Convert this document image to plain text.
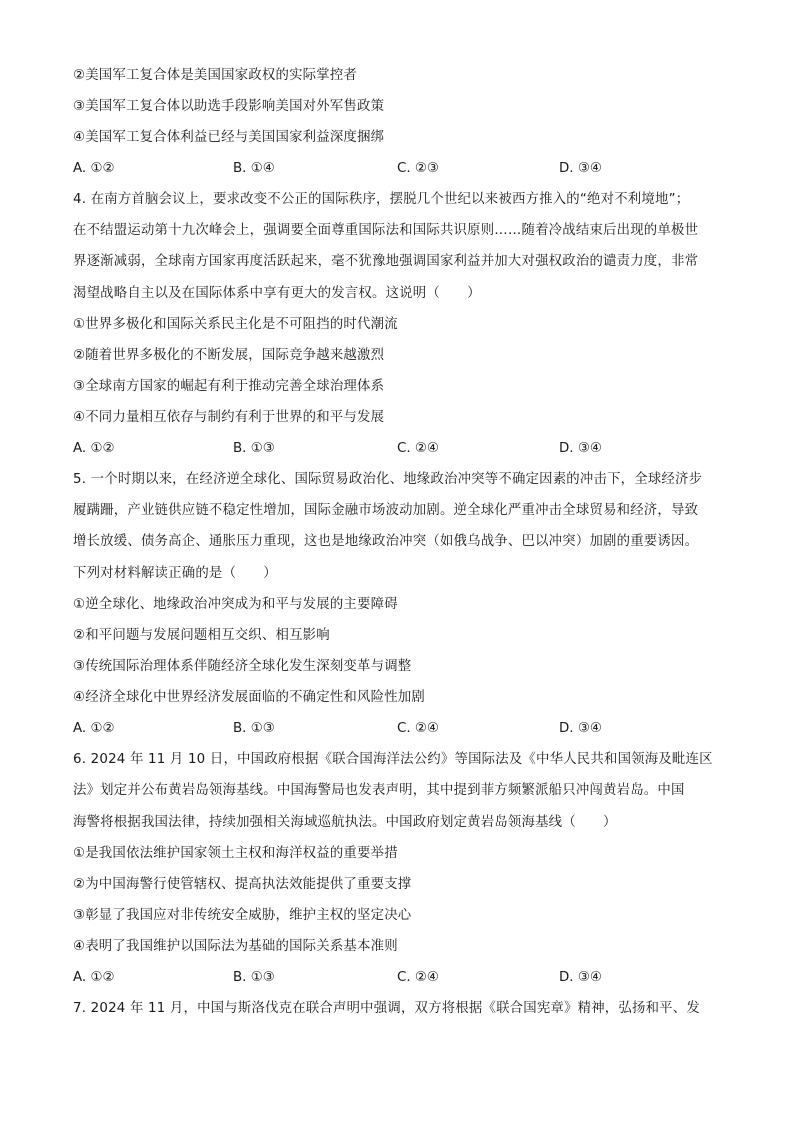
②美国军工复合体是美国国家政权的实际掌控者
③美国军工复合体以助选手段影响美国对外军售政策
④美国军工复合体利益已经与美国国家利益深度捆绑
A. ①②	B. ①④	C. ②③	D. ③④
4. 在南方首脑会议上，要求改变不公正的国际秩序，摆脱几个世纪以来被西方推入的“绝对不利境地”；
在不结盟运动第十九次峰会上，强调要全面尊重国际法和国际共识原则……随着冷战结束后出现的单极世
界逐渐减弱，全球南方国家再度活跃起来，毫不犹豫地强调国家利益并加大对强权政治的谴责力度，非常
渴望战略自主以及在国际体系中享有更大的发言权。这说明（　　）
①世界多极化和国际关系民主化是不可阻挡的时代潮流
②随着世界多极化的不断发展，国际竞争越来越激烈
③全球南方国家的崛起有利于推动完善全球治理体系
④不同力量相互依存与制约有利于世界的和平与发展
A. ①②	B. ①③	C. ②④	D. ③④
5. 一个时期以来，在经济逆全球化、国际贸易政治化、地缘政治冲突等不确定因素的冲击下，全球经济步
履蹒跚，产业链供应链不稳定性增加，国际金融市场波动加剧。逆全球化严重冲击全球贸易和经济，导致
增长放缓、债务高企、通胀压力重现，这也是地缘政治冲突（如俄乌战争、巴以冲突）加剧的重要诱因。
下列对材料解读正确的是（　　）
①逆全球化、地缘政治冲突成为和平与发展的主要障碍
②和平问题与发展问题相互交织、相互影响
③传统国际治理体系伴随经济全球化发生深刻变革与调整
④经济全球化中世界经济发展面临的不确定性和风险性加剧
A. ①②	B. ①③	C. ②④	D. ③④
6. 2024 年 11 月 10 日，中国政府根据《联合国海洋法公约》等国际法及《中华人民共和国领海及毗连区
法》划定并公布黄岩岛领海基线。中国海警局也发表声明，其中提到菲方频繁派船只冲闯黄岩岛。中国
海警将根据我国法律，持续加强相关海域巡航执法。中国政府划定黄岩岛领海基线（　　）
①是我国依法维护国家领土主权和海洋权益的重要举措
②为中国海警行使管辖权、提高执法效能提供了重要支撑
③彰显了我国应对非传统安全威胁，维护主权的坚定决心
④表明了我国维护以国际法为基础的国际关系基本准则
A. ①②	B. ①③	C. ②④	D. ③④
7. 2024 年 11 月，中国与斯洛伐克在联合声明中强调，双方将根据《联合国宪章》精神，弘扬和平、发
